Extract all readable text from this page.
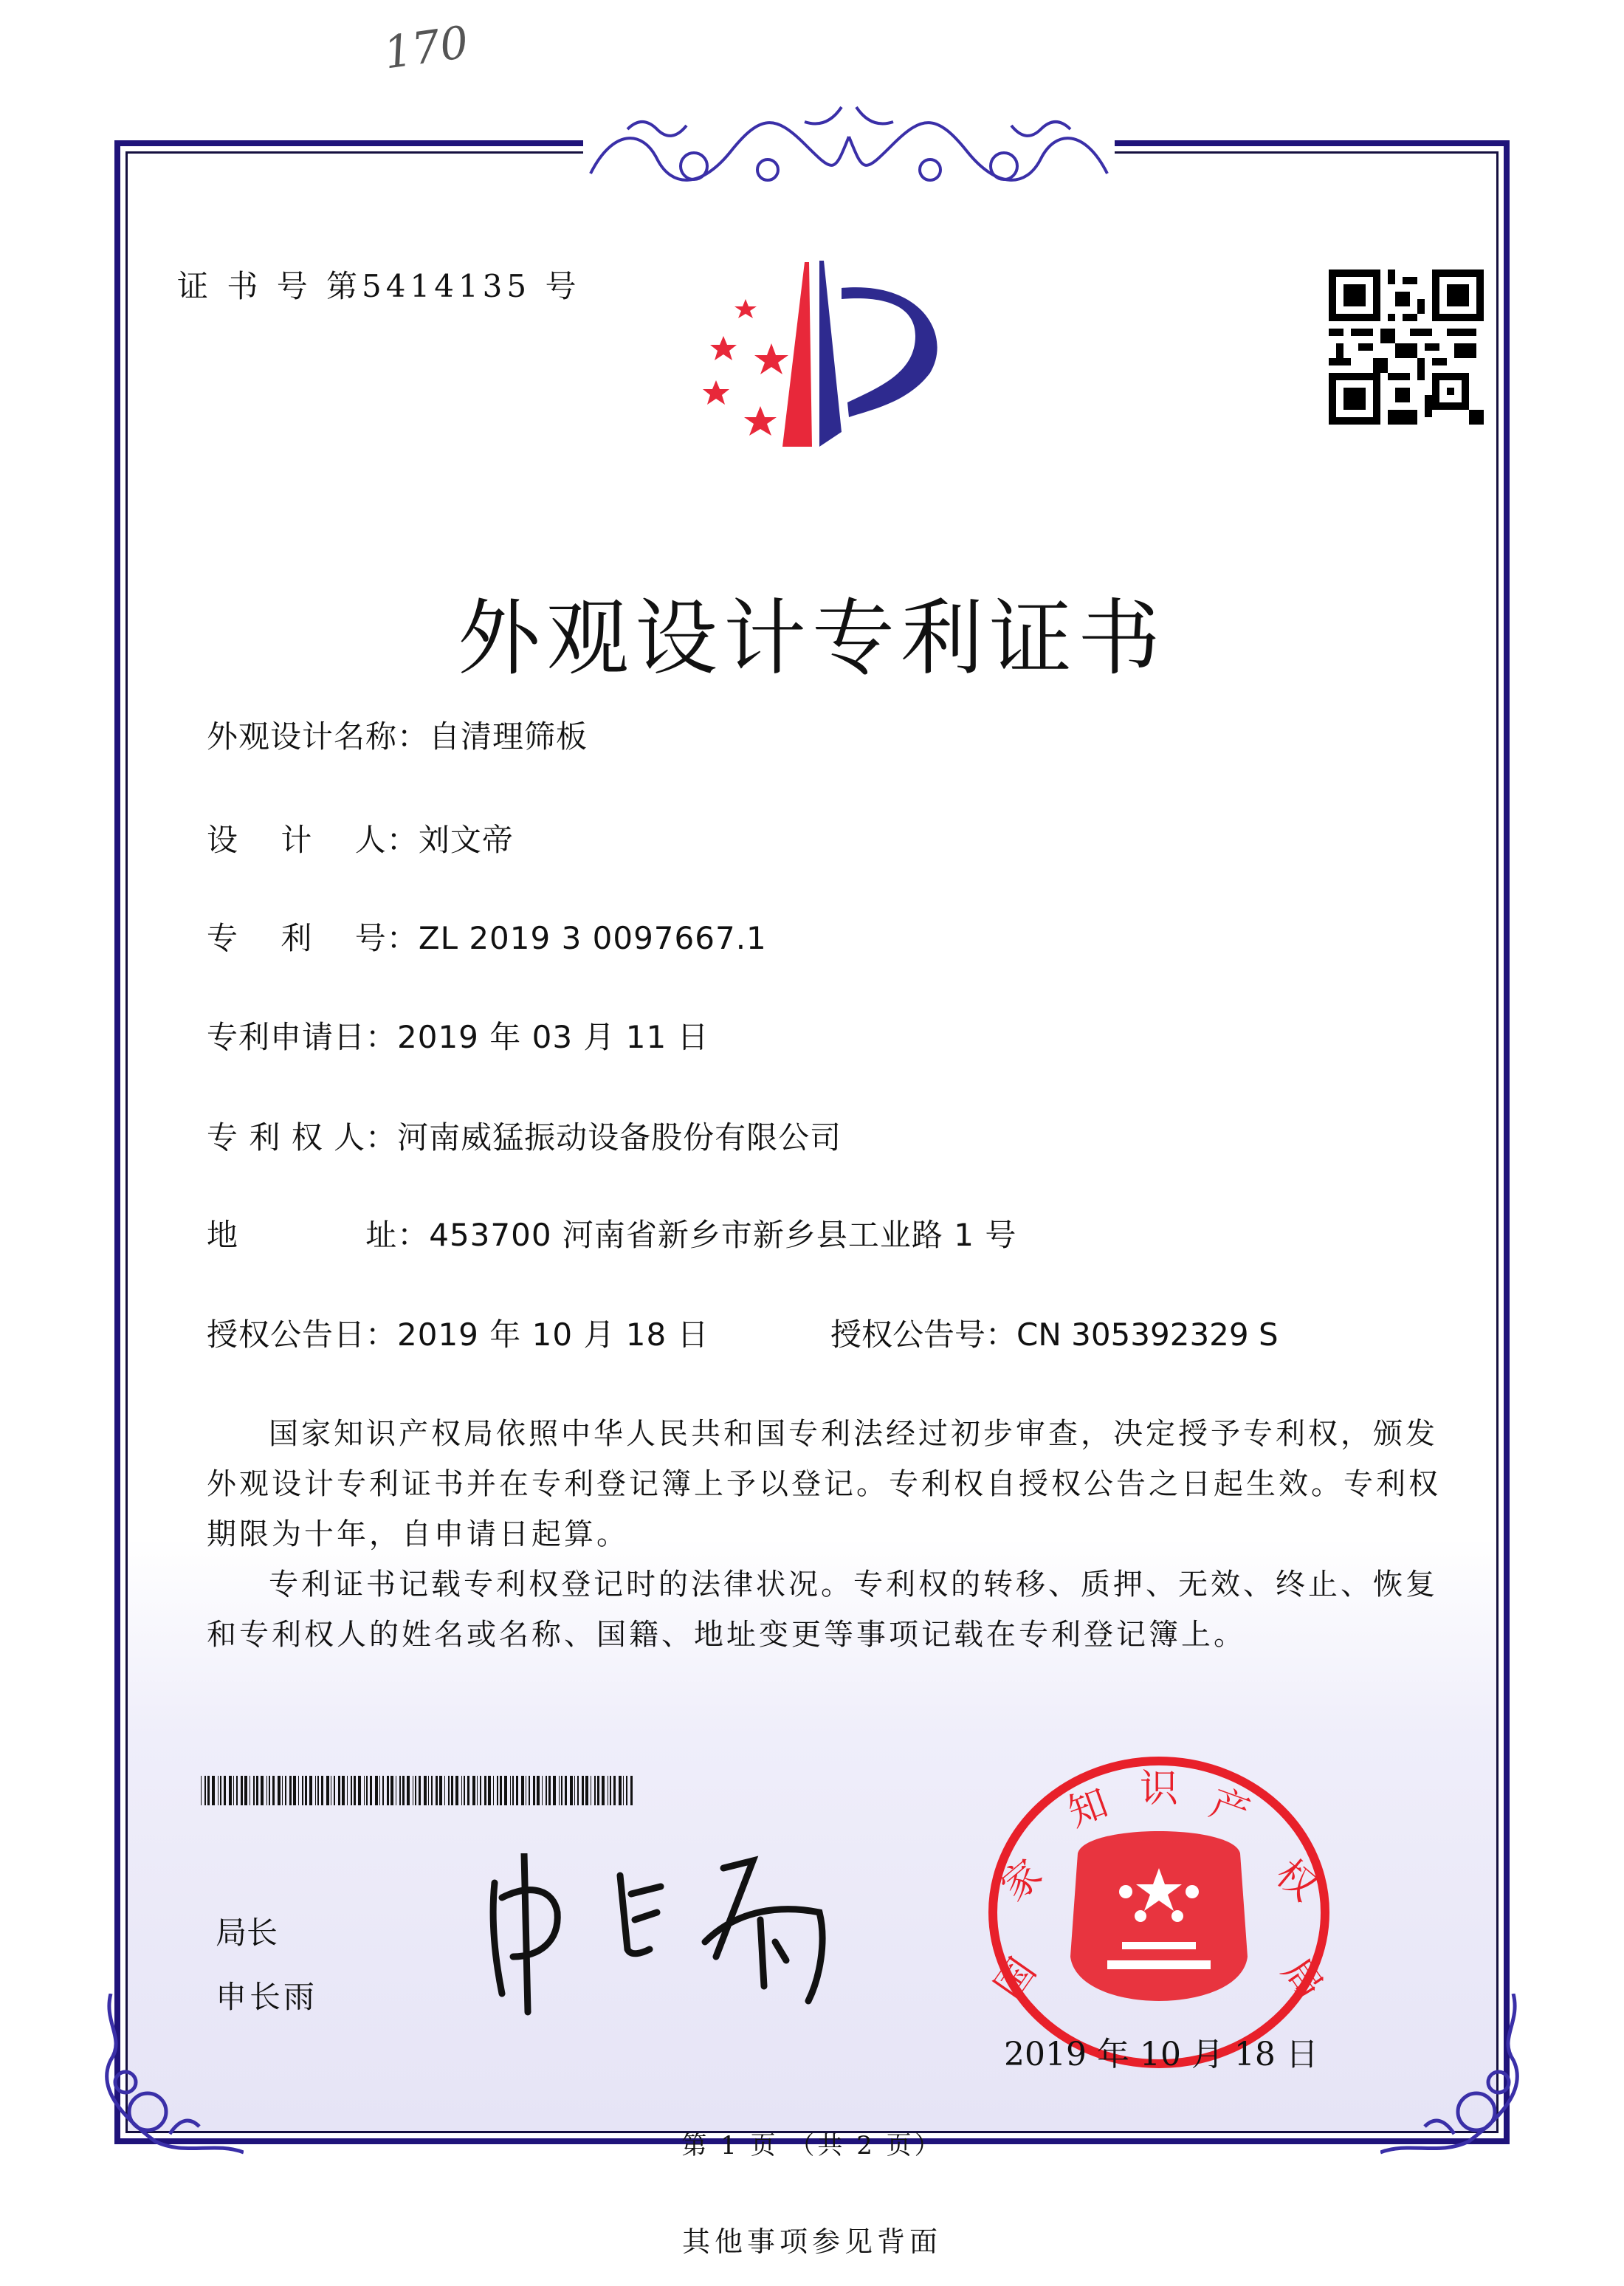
170
证 书 号 第5414135 号
外观设计专利证书
外观设计名称：自清理筛板
设    计    人：刘文帝
专    利    号：ZL 2019 3 0097667.1
专利申请日：2019 年 03 月 11 日
专 利 权 人：河南威猛振动设备股份有限公司
地            址：453700 河南省新乡市新乡县工业路 1 号
授权公告日：2019 年 10 月 18 日	授权公告号：CN 305392329 S

国家知识产权局依照中华人民共和国专利法经过初步审查，决定授予专利权，颁发外观设计专利证书并在专利登记簿上予以登记。专利权自授权公告之日起生效。专利权期限为十年，自申请日起算。

专利证书记载专利权登记时的法律状况。专利权的转移、质押、无效、终止、恢复和专利权人的姓名或名称、国籍、地址变更等事项记载在专利登记簿上。

局长
申长雨	国
家
知 识 产
权
局
2019 年 10 月 18 日
第 1 页 （共 2 页）
其他事项参见背面
